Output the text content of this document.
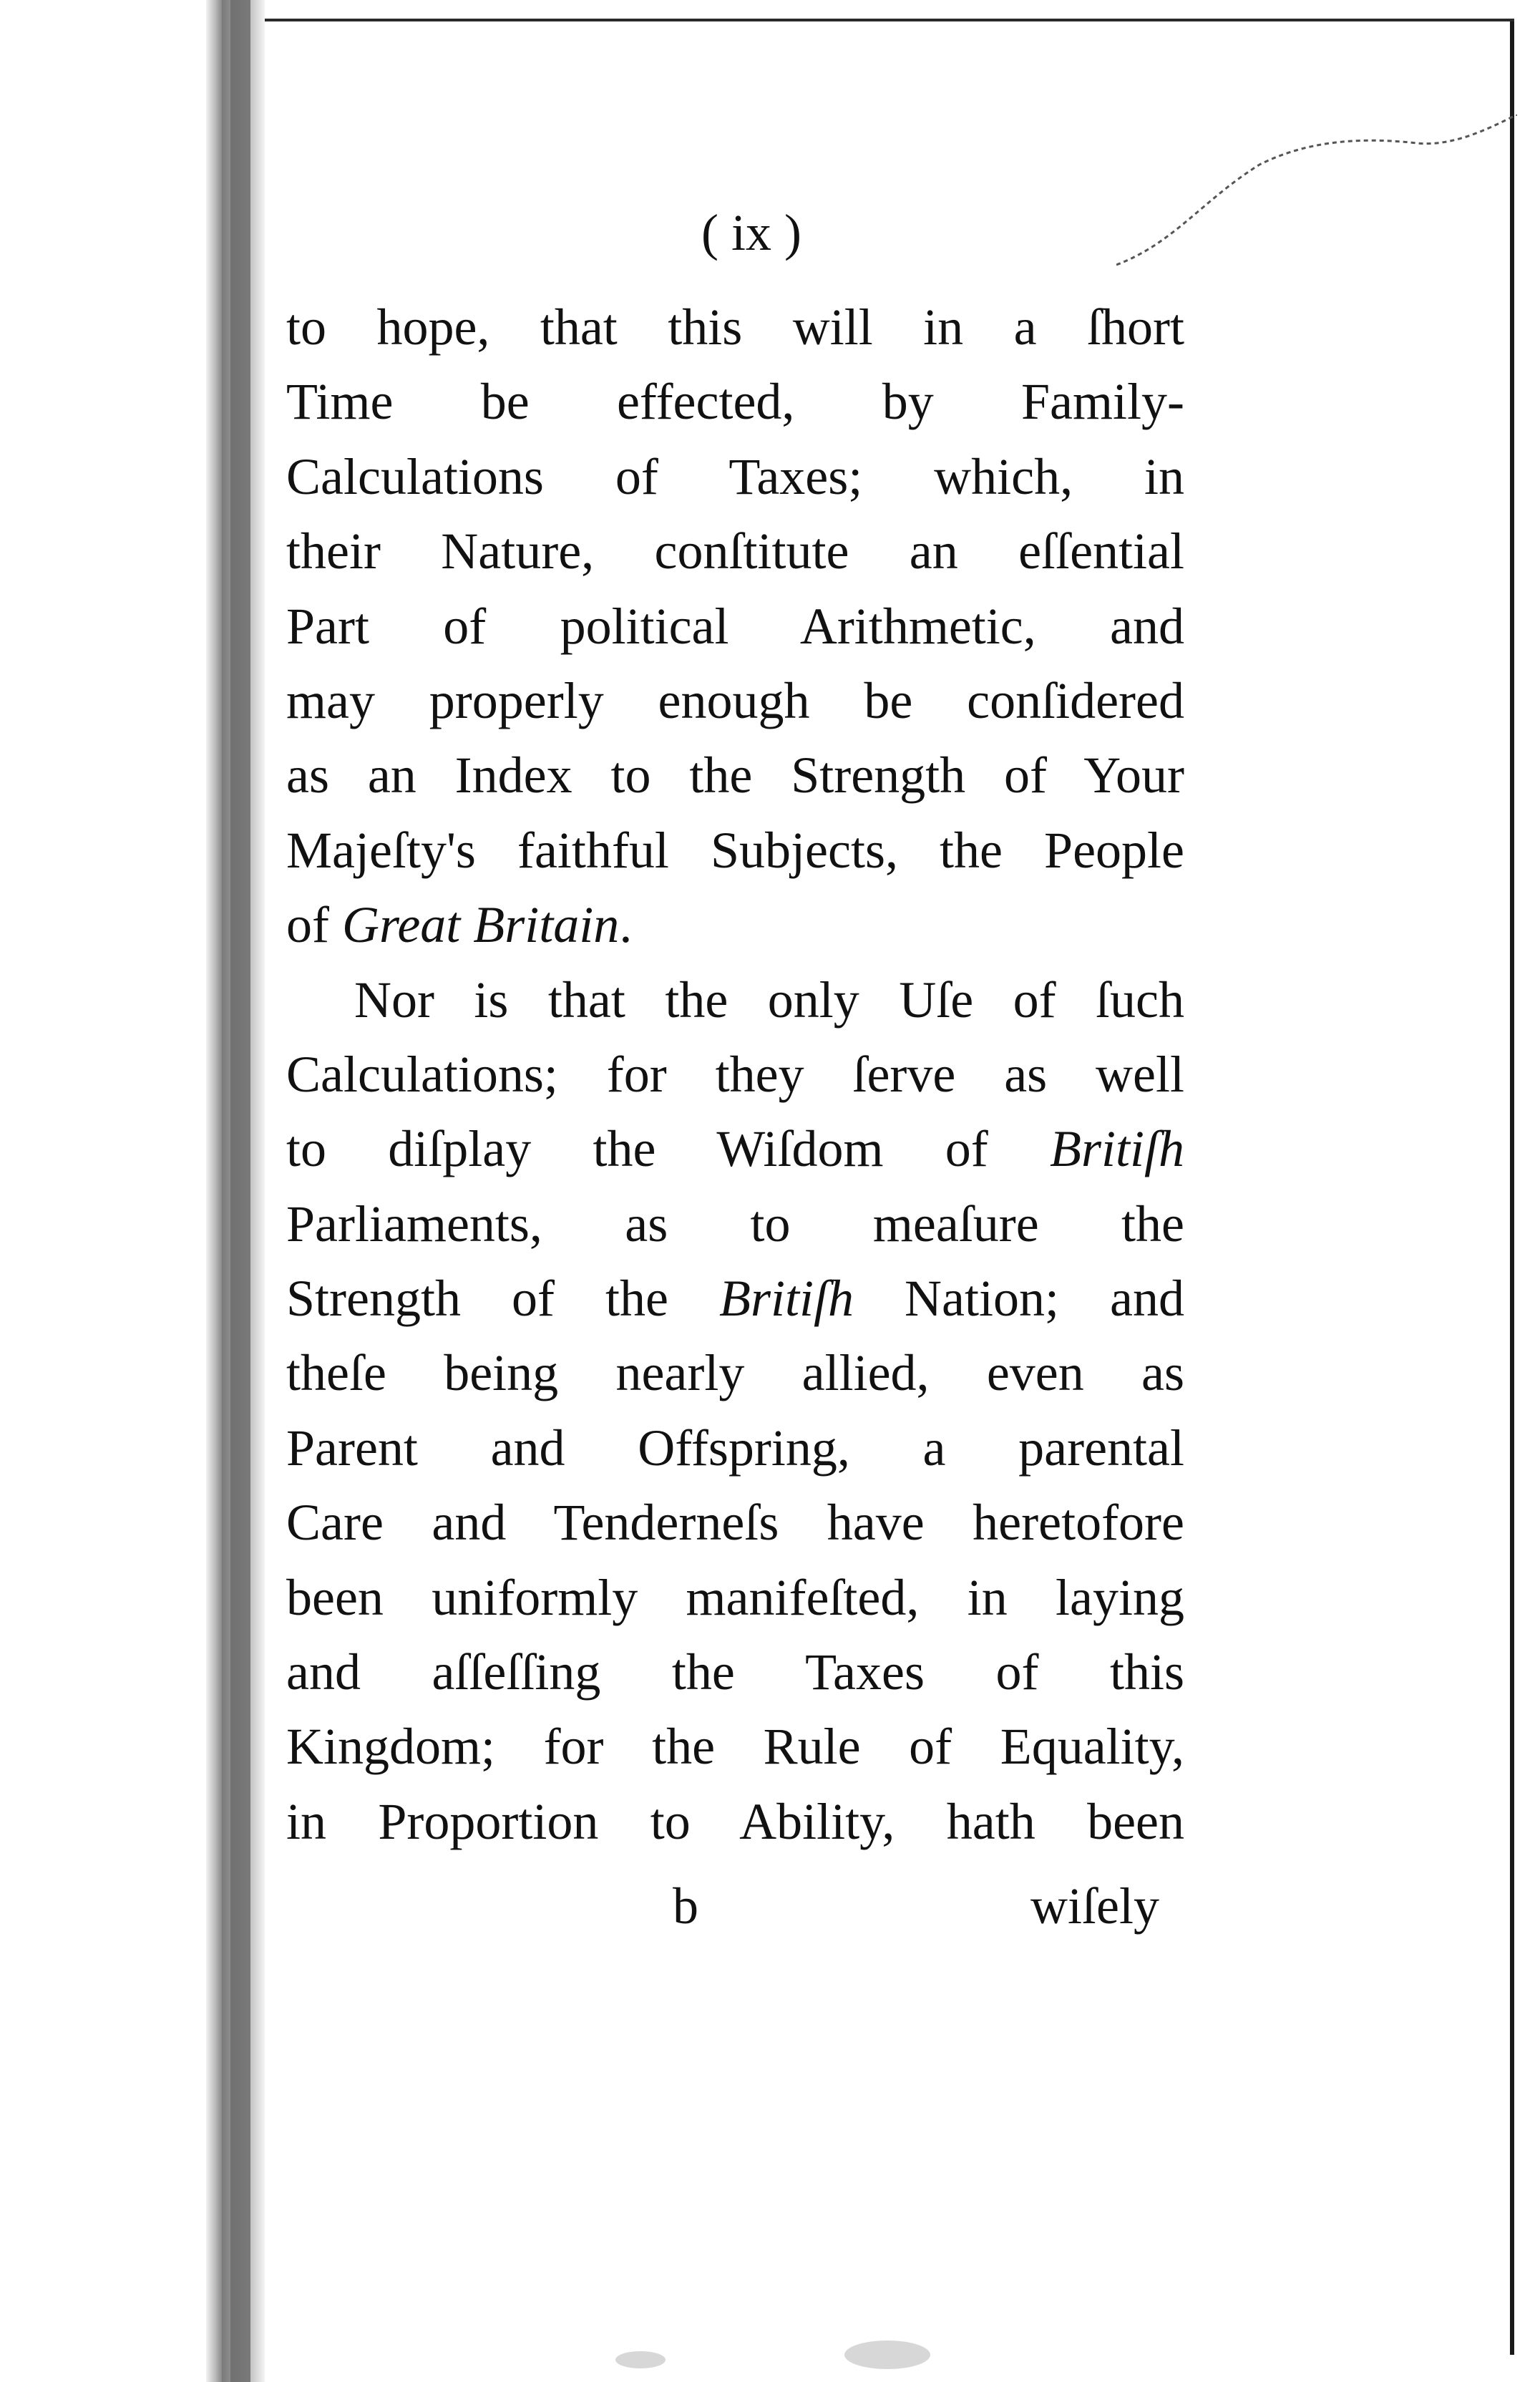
( ix )
to hope, that this will in a ſhort
Time be effected, by Family-
Calculations of Taxes; which, in
their Nature, conſtitute an eſſential
Part of political Arithmetic, and
may properly enough be conſidered
as an Index to the Strength of Your
Majeſty's faithful Subjects, the People
of Great Britain.
Nor is that the only Uſe of ſuch
Calculations; for they ſerve as well
to diſplay the Wiſdom of Britiſh
Parliaments, as to meaſure the
Strength of the Britiſh Nation; and
theſe being nearly allied, even as
Parent and Offspring, a parental
Care and Tenderneſs have heretofore
been uniformly manifeſted, in laying
and aſſeſſing the Taxes of this
Kingdom; for the Rule of Equality,
in Proportion to Ability, hath been
b	wiſely
